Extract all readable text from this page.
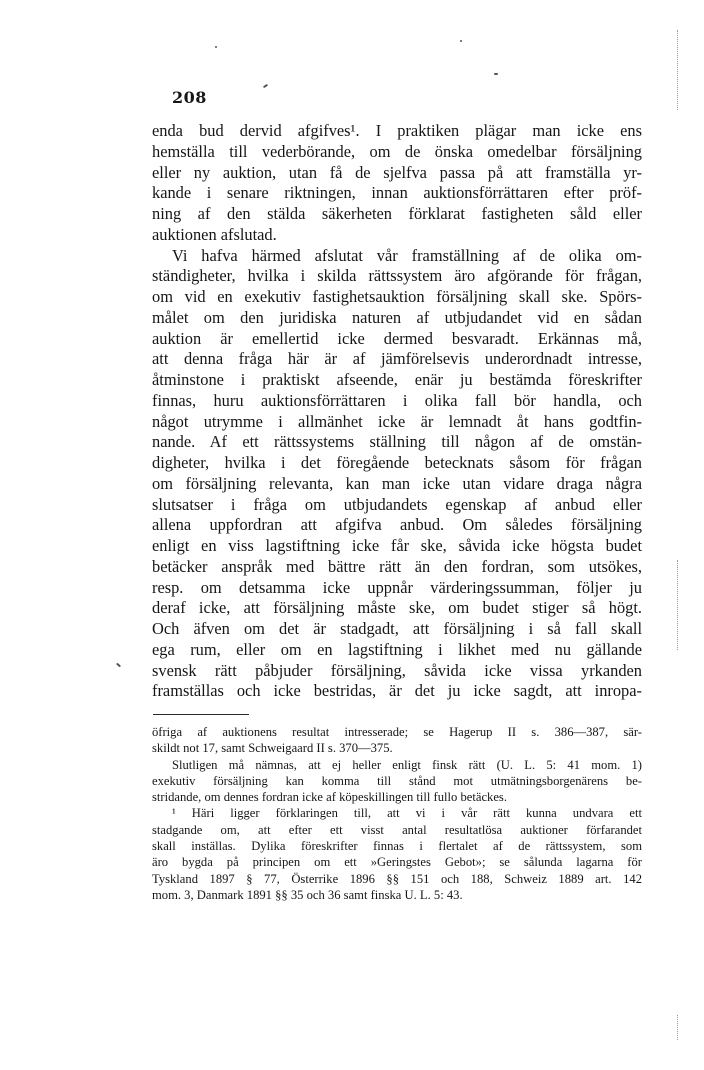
208
enda bud dervid afgifves¹. I praktiken plägar man icke ens
hemställa till vederbörande, om de önska omedelbar försäljning
eller ny auktion, utan få de sjelfva passa på att framställa yr-
kande i senare riktningen, innan auktionsförrättaren efter pröf-
ning af den stälda säkerheten förklarat fastigheten såld eller
auktionen afslutad.
Vi hafva härmed afslutat vår framställning af de olika om-
ständigheter, hvilka i skilda rättssystem äro afgörande för frågan,
om vid en exekutiv fastighetsauktion försäljning skall ske. Spörs-
målet om den juridiska naturen af utbjudandet vid en sådan
auktion är emellertid icke dermed besvaradt. Erkännas må,
att denna fråga här är af jämförelsevis underordnadt intresse,
åtminstone i praktiskt afseende, enär ju bestämda föreskrifter
finnas, huru auktionsförrättaren i olika fall bör handla, och
något utrymme i allmänhet icke är lemnadt åt hans godtfin-
nande. Af ett rättssystems ställning till någon af de omstän-
digheter, hvilka i det föregående betecknats såsom för frågan
om försäljning relevanta, kan man icke utan vidare draga några
slutsatser i fråga om utbjudandets egenskap af anbud eller
allena uppfordran att afgifva anbud. Om således försäljning
enligt en viss lagstiftning icke får ske, såvida icke högsta budet
betäcker anspråk med bättre rätt än den fordran, som utsökes,
resp. om detsamma icke uppnår värderingssumman, följer ju
deraf icke, att försäljning måste ske, om budet stiger så högt.
Och äfven om det är stadgadt, att försäljning i så fall skall
ega rum, eller om en lagstiftning i likhet med nu gällande
svensk rätt påbjuder försäljning, såvida icke vissa yrkanden
framställas och icke bestridas, är det ju icke sagdt, att inropa-
öfriga af auktionens resultat intresserade; se Hagerup II s. 386—387, sär-
skildt not 17, samt Schweigaard II s. 370—375.
Slutligen må nämnas, att ej heller enligt finsk rätt (U. L. 5: 41 mom. 1)
exekutiv försäljning kan komma till stånd mot utmätningsborgenärens be-
stridande, om dennes fordran icke af köpeskillingen till fullo betäckes.
¹ Häri ligger förklaringen till, att vi i vår rätt kunna undvara ett
stadgande om, att efter ett visst antal resultatlösa auktioner förfarandet
skall inställas. Dylika föreskrifter finnas i flertalet af de rättssystem, som
äro bygda på principen om ett »Geringstes Gebot»; se sålunda lagarna för
Tyskland 1897 § 77, Österrike 1896 §§ 151 och 188, Schweiz 1889 art. 142
mom. 3, Danmark 1891 §§ 35 och 36 samt finska U. L. 5: 43.
